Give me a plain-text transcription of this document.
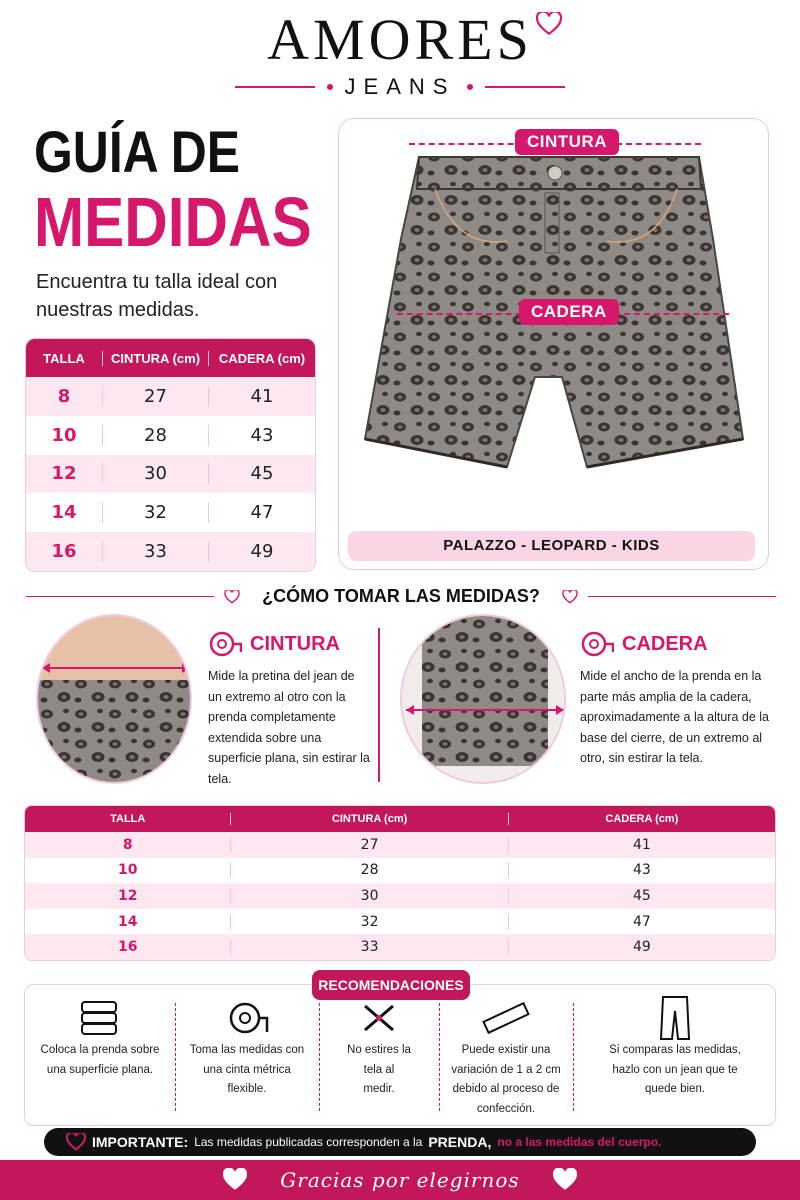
AMORES
JEANS
GUÍA DE
MEDIDAS
Encuentra tu talla ideal con nuestras medidas.
TALLA	CINTURA (cm)	CADERA (cm)
8	27	41
10	28	43
12	30	45
14	32	47
16	33	49
CINTURA
CADERA
PALAZZO - LEOPARD - KIDS
¿CÓMO TOMAR LAS MEDIDAS?
CINTURA
Mide la pretina del jean de un extremo al otro con la prenda completamente extendida sobre una superficie plana, sin estirar la tela.
CADERA
Mide el ancho de la prenda en la parte más amplia de la cadera, aproximadamente a la altura de la base del cierre, de un extremo al otro, sin estirar la tela.
TALLA	CINTURA (cm)	CADERA (cm)
8	27	41
10	28	43
12	30	45
14	32	47
16	33	49
Coloca la prenda sobre una superficie plana.
Toma las medidas con una cinta métrica flexible.
No estires la tela al medir.
Puede existir una variación de 1 a 2 cm debido al proceso de confección.
Si comparas las medidas, hazlo con un jean que te quede bien.
RECOMENDACIONES
IMPORTANTE: Las medidas publicadas corresponden a la PRENDA, no a las medidas del cuerpo.
Gracias por elegirnos
